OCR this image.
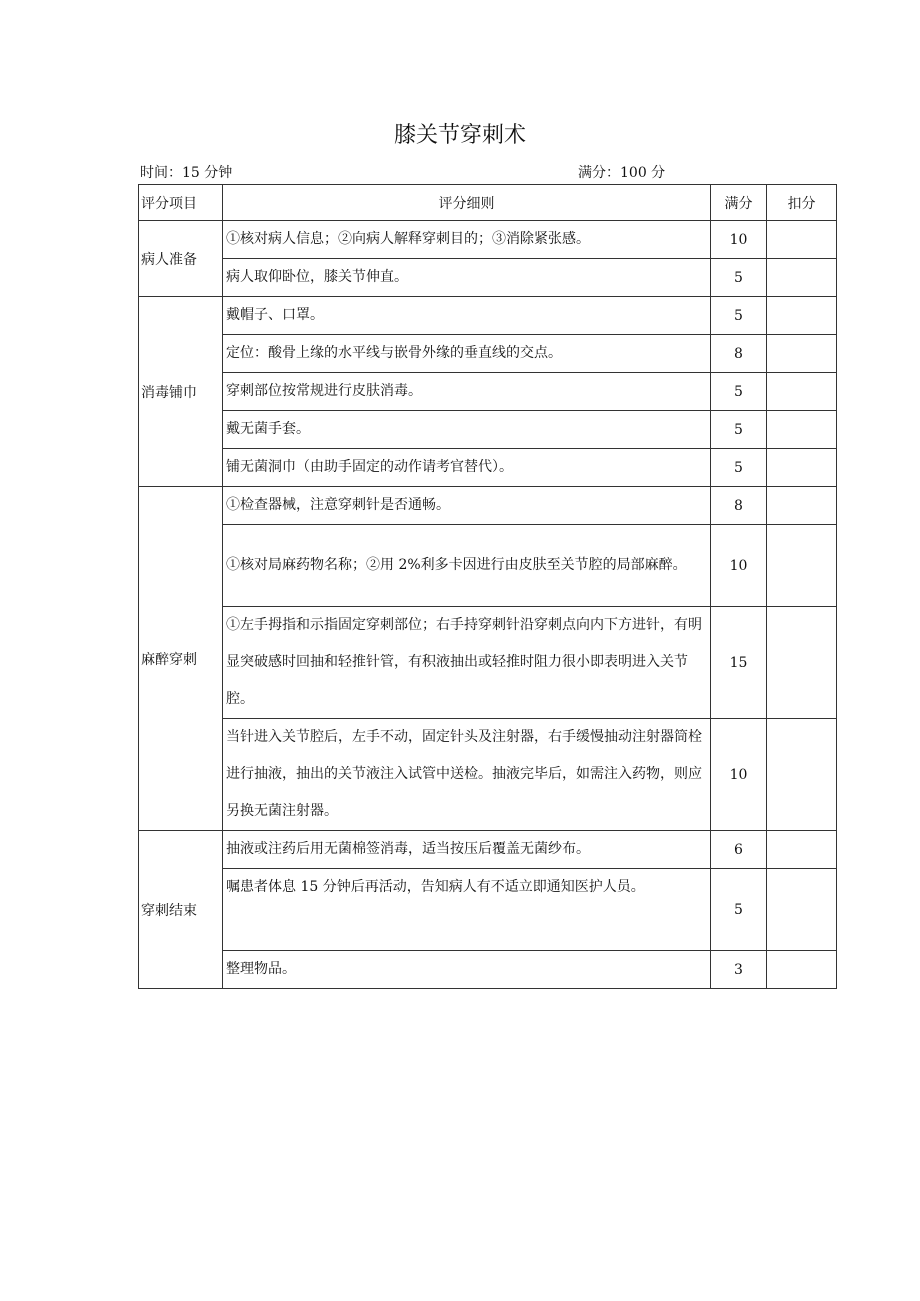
膝关节穿刺术
时间：15 分钟	满分：100 分
评分项目	评分细则	满分	扣分
病人准备	①核对病人信息；②向病人解释穿刺目的；③消除紧张感。	10	
	病人取仰卧位，膝关节伸直。	5	
消毒铺巾	戴帽子、口罩。	5	
	定位：酸骨上缘的水平线与嵌骨外缘的垂直线的交点。	8	
	穿刺部位按常规进行皮肤消毒。	5	
	戴无菌手套。	5	
	铺无菌洞巾（由助手固定的动作请考官替代）。	5	
麻醉穿刺	①检查器械，注意穿刺针是否通畅。	8	
	①核对局麻药物名称；②用 2%利多卡因进行由皮肤至关节腔的局部麻醉。	10	
	①左手拇指和示指固定穿刺部位；右手持穿刺针沿穿刺点向内下方进针，有明显突破感时回抽和轻推针管，有积液抽出或轻推时阻力很小即表明进入关节腔。	15	
	当针进入关节腔后，左手不动，固定针头及注射器，右手缓慢抽动注射器筒栓进行抽液，抽出的关节液注入试管中送检。抽液完毕后，如需注入药物，则应另换无菌注射器。	10	
穿刺结束	抽液或注药后用无菌棉签消毒，适当按压后覆盖无菌纱布。	6	
	嘱患者体息 15 分钟后再活动，告知病人有不适立即通知医护人员。	5	
	整理物品。	3	
